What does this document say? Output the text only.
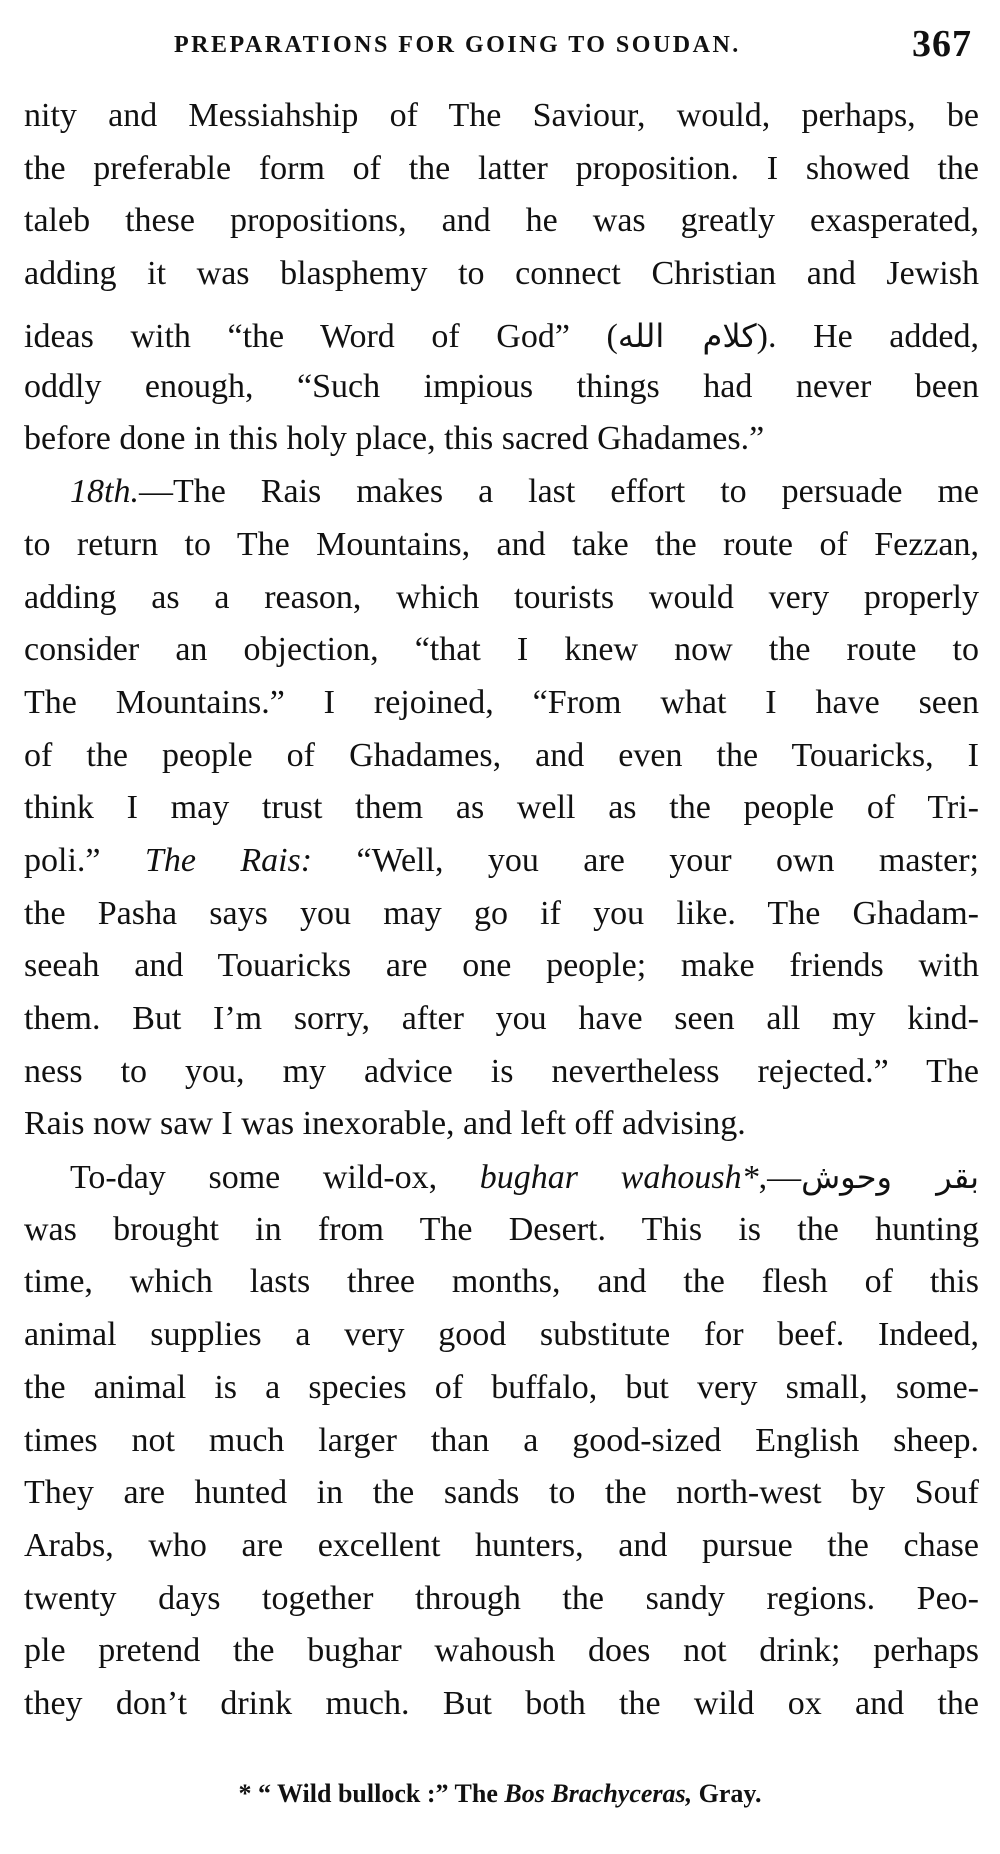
PREPARATIONS FOR GOING TO SOUDAN.	367
nity and Messiahship of The Saviour, would, perhaps, be
the preferable form of the latter proposition. I showed the
taleb these propositions, and he was greatly exasperated,
adding it was blasphemy to connect Christian and Jewish
ideas with “the Word of God” (كلام الله). He added,
oddly enough, “Such impious things had never been
before done in this holy place, this sacred Ghadames.”
18th.—The Rais makes a last effort to persuade me
to return to The Mountains, and take the route of Fezzan,
adding as a reason, which tourists would very properly
consider an objection, “that I knew now the route to
The Mountains.” I rejoined, “From what I have seen
of the people of Ghadames, and even the Touaricks, I
think I may trust them as well as the people of Tri-
poli.” The Rais: “Well, you are your own master;
the Pasha says you may go if you like. The Ghadam-
seeah and Touaricks are one people; make friends with
them. But I’m sorry, after you have seen all my kind-
ness to you, my advice is nevertheless rejected.” The
Rais now saw I was inexorable, and left off advising.
To-day some wild-ox, bughar wahoush*,—بقر وحوش
was brought in from The Desert. This is the hunting
time, which lasts three months, and the flesh of this
animal supplies a very good substitute for beef. Indeed,
the animal is a species of buffalo, but very small, some-
times not much larger than a good-sized English sheep.
They are hunted in the sands to the north-west by Souf
Arabs, who are excellent hunters, and pursue the chase
twenty days together through the sandy regions. Peo-
ple pretend the bughar wahoush does not drink; perhaps
they don’t drink much. But both the wild ox and the
* “ Wild bullock :” The Bos Brachyceras, Gray.
